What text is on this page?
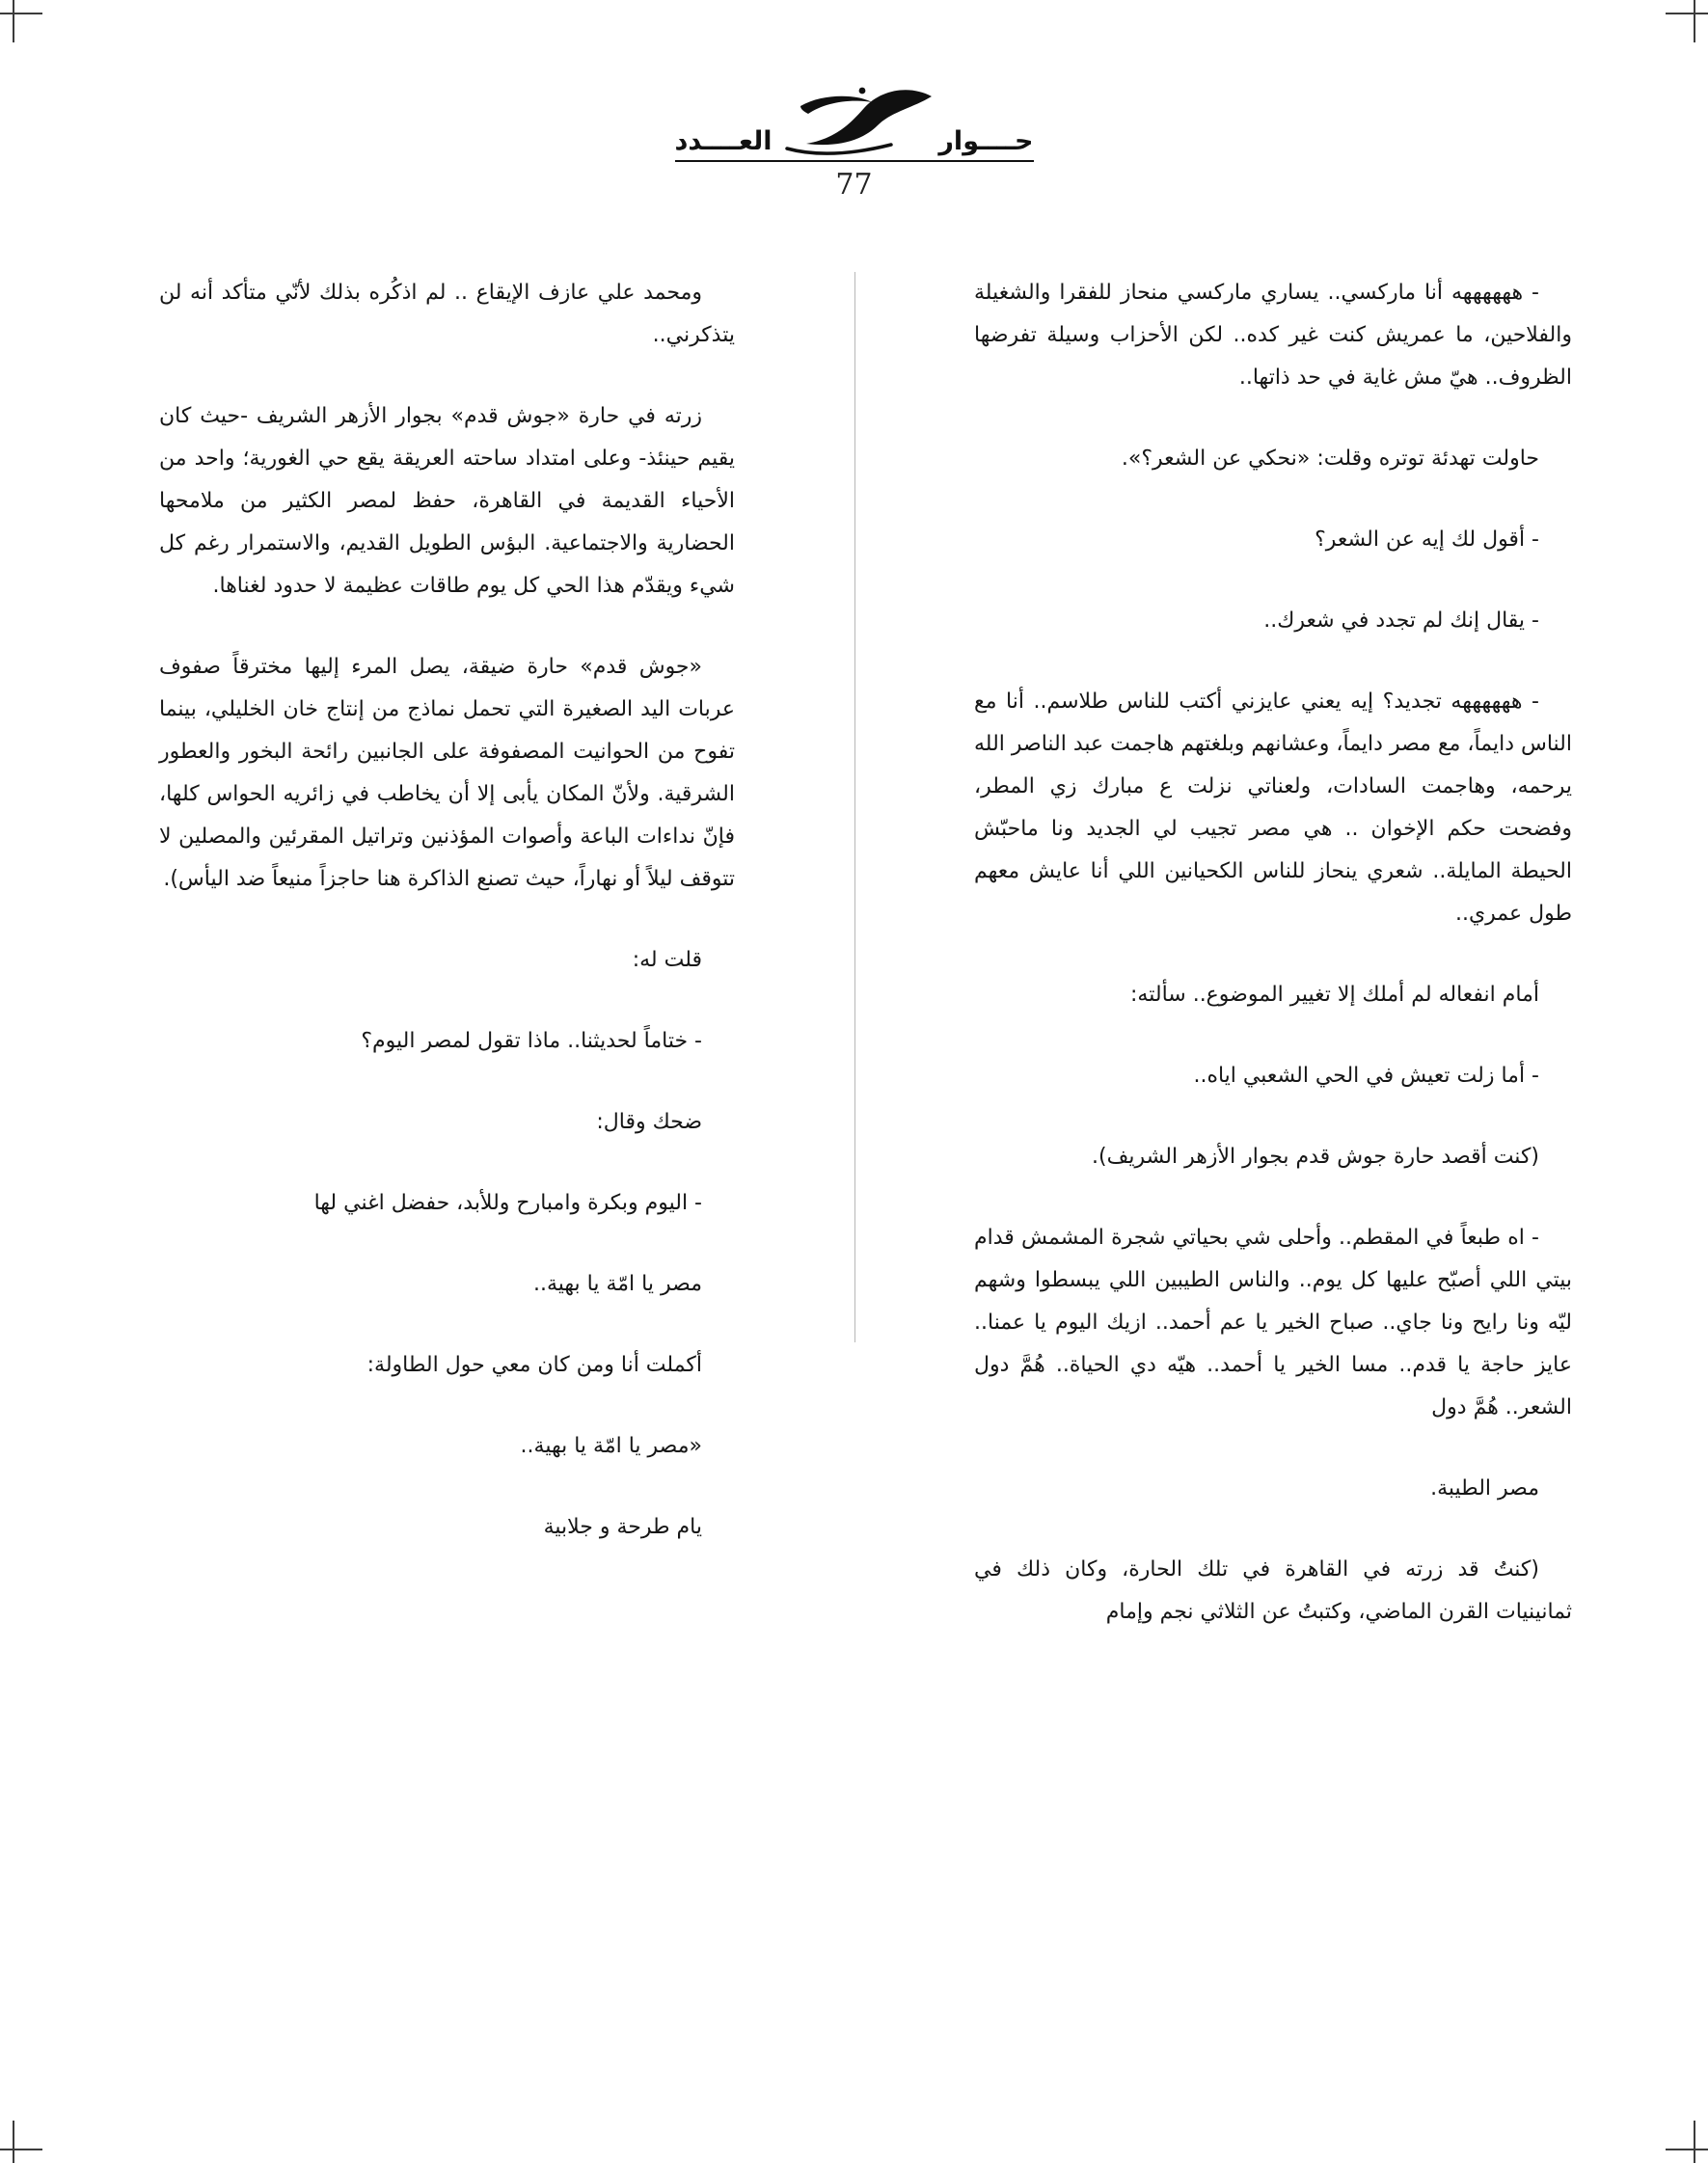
حــــوار
العــــدد
77

- ههههههه أنا ماركسي.. يساري ماركسي منحاز للفقرا والشغيلة والفلاحين، ما عمريش كنت غير كده.. لكن الأحزاب وسيلة تفرضها الظروف.. هيّ مش غاية في حد ذاتها..

حاولت تهدئة توتره وقلت: «نحكي عن الشعر؟».

- أقول لك إيه عن الشعر؟

- يقال إنك لم تجدد في شعرك..

- ههههههه تجديد؟ إيه يعني عايزني أكتب للناس طلاسم.. أنا مع الناس دايماً، مع مصر دايماً، وعشانهم وبلغتهم هاجمت عبد الناصر الله يرحمه، وهاجمت السادات، ولعناتي نزلت ع مبارك زي المطر، وفضحت حكم الإخوان .. هي مصر تجيب لي الجديد ونا ماحبّش الحيطة المايلة.. شعري ينحاز للناس الكحيانين اللي أنا عايش معهم طول عمري..

أمام انفعاله لم أملك إلا تغيير الموضوع.. سألته:

- أما زلت تعيش في الحي الشعبي اياه..

(كنت أقصد حارة جوش قدم بجوار الأزهر الشريف).

- اه طبعاً في المقطم.. وأحلى شي بحياتي شجرة المشمش قدام بيتي اللي أصبّح عليها كل يوم.. والناس الطيبين اللي يبسطوا وشهم ليّه ونا رايح ونا جاي.. صباح الخير يا عم أحمد.. ازيك اليوم يا عمنا.. عايز حاجة يا قدم.. مسا الخير يا أحمد.. هيّه دي الحياة.. هُمَّ دول الشعر.. هُمَّ دول

مصر الطيبة.

(كنتُ قد زرته في القاهرة في تلك الحارة، وكان ذلك في ثمانينيات القرن الماضي، وكتبتُ عن الثلاثي نجم وإمام

ومحمد علي عازف الإيقاع .. لم اذكُره بذلك لأنّي متأكد أنه لن يتذكرني..

زرته في حارة «جوش قدم» بجوار الأزهر الشريف -حيث كان يقيم حينئذ- وعلى امتداد ساحته العريقة يقع حي الغورية؛ واحد من الأحياء القديمة في القاهرة، حفظ لمصر الكثير من ملامحها الحضارية والاجتماعية. البؤس الطويل القديم، والاستمرار رغم كل شيء ويقدّم هذا الحي كل يوم طاقات عظيمة لا حدود لغناها.

«جوش قدم» حارة ضيقة، يصل المرء إليها مخترقاً صفوف عربات اليد الصغيرة التي تحمل نماذج من إنتاج خان الخليلي، بينما تفوح من الحوانيت المصفوفة على الجانبين رائحة البخور والعطور الشرقية. ولأنّ المكان يأبى إلا أن يخاطب في زائريه الحواس كلها، فإنّ نداءات الباعة وأصوات المؤذنين وتراتيل المقرئين والمصلين لا تتوقف ليلاً أو نهاراً، حيث تصنع الذاكرة هنا حاجزاً منيعاً ضد اليأس).

قلت له:

- ختاماً لحديثنا.. ماذا تقول لمصر اليوم؟

ضحك وقال:

- اليوم وبكرة وامبارح وللأبد، حفضل اغني لها

مصر يا امّة يا بهية..

أكملت أنا ومن كان معي حول الطاولة:

«مصر يا امّة يا بهية..

يام طرحة و جلابية
